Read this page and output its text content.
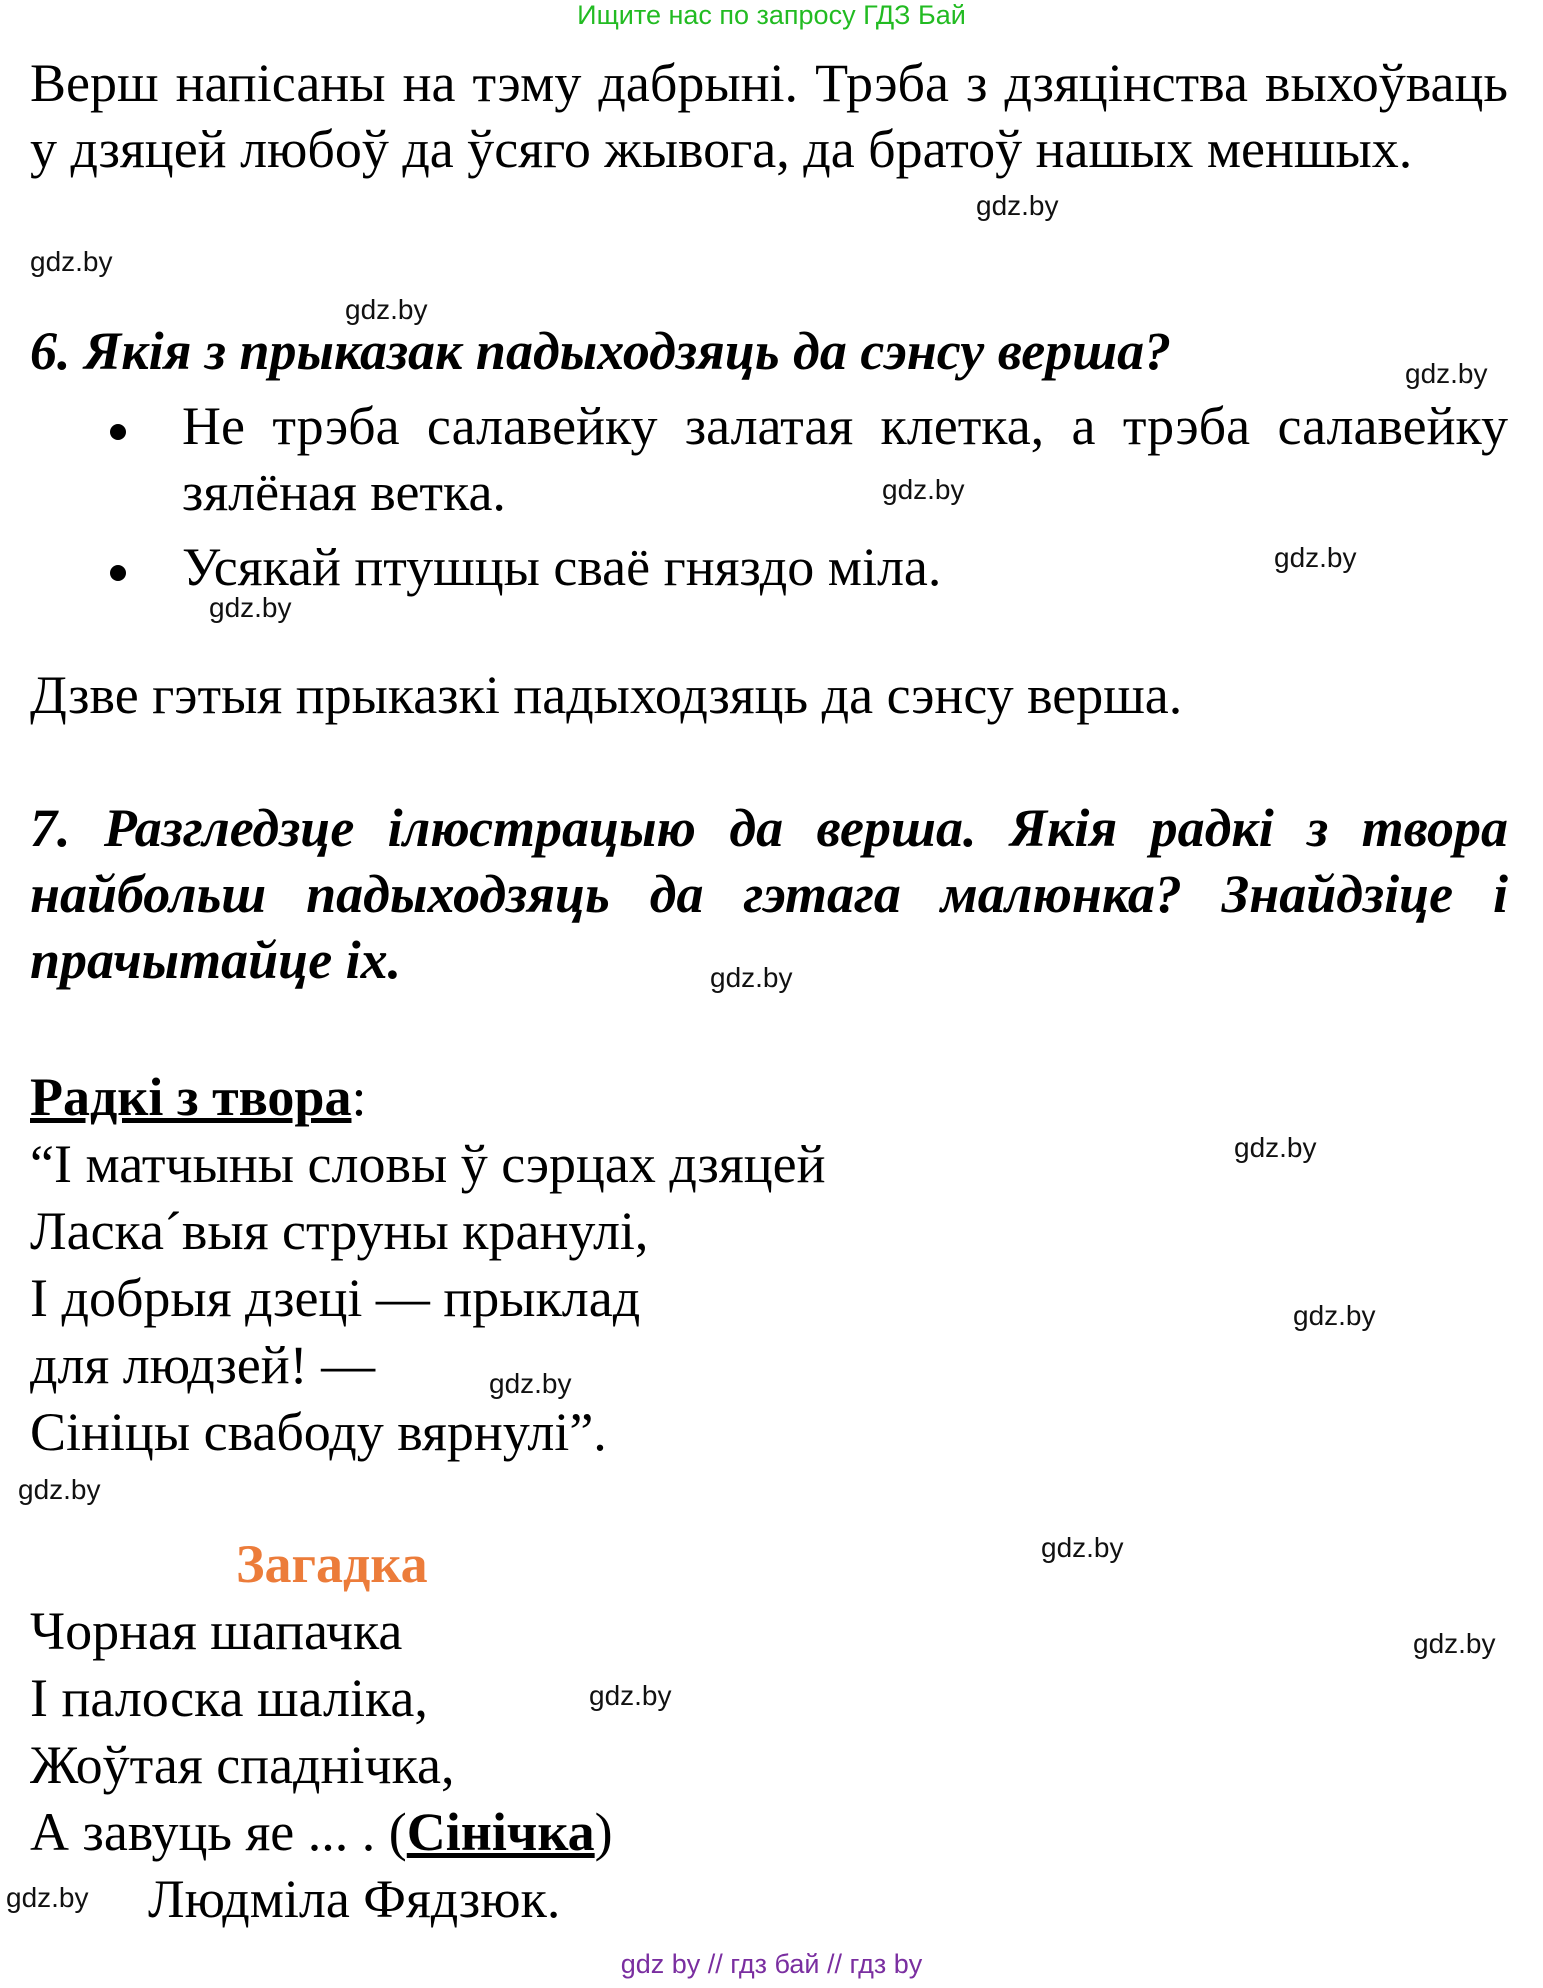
Ищите нас по запросу ГДЗ Бай
Верш напісаны на тэму дабрыні. Трэба з дзяцінства выхоўваць у дзяцей любоў да ўсяго жывога, да братоў нашых меншых.
6. Якія з прыказак падыходзяць да сэнсу верша?
Не трэба салавейку залатая клетка, а трэба салавейку зялёная ветка.
Усякай птушцы сваё гняздо міла.
Дзве гэтыя прыказкі падыходзяць да сэнсу верша.
7. Разгледзце ілюстрацыю да верша. Якія радкі з твора найбольш падыходзяць да гэтага малюнка? Знайдзіце і прачытайце іх.
Радкі з твора:
“І матчыны словы ў сэрцах дзяцей
Ласка´выя струны кранулі,
І добрыя дзеці — прыклад
для людзей! —
Сініцы свабоду вярнулі”.
Загадка
Чорная шапачка
І палоска шаліка,
Жоўтая спаднічка,
А завуць яе ... . (Сінічка)
Людміла Фядзюк.
gdz.by
gdz.by
gdz.by
gdz.by
gdz.by
gdz.by
gdz.by
gdz.by
gdz.by
gdz.by
gdz.by
gdz.by
gdz.by
gdz.by
gdz.by
gdz.by
gdz by // гдз бай // гдз by
